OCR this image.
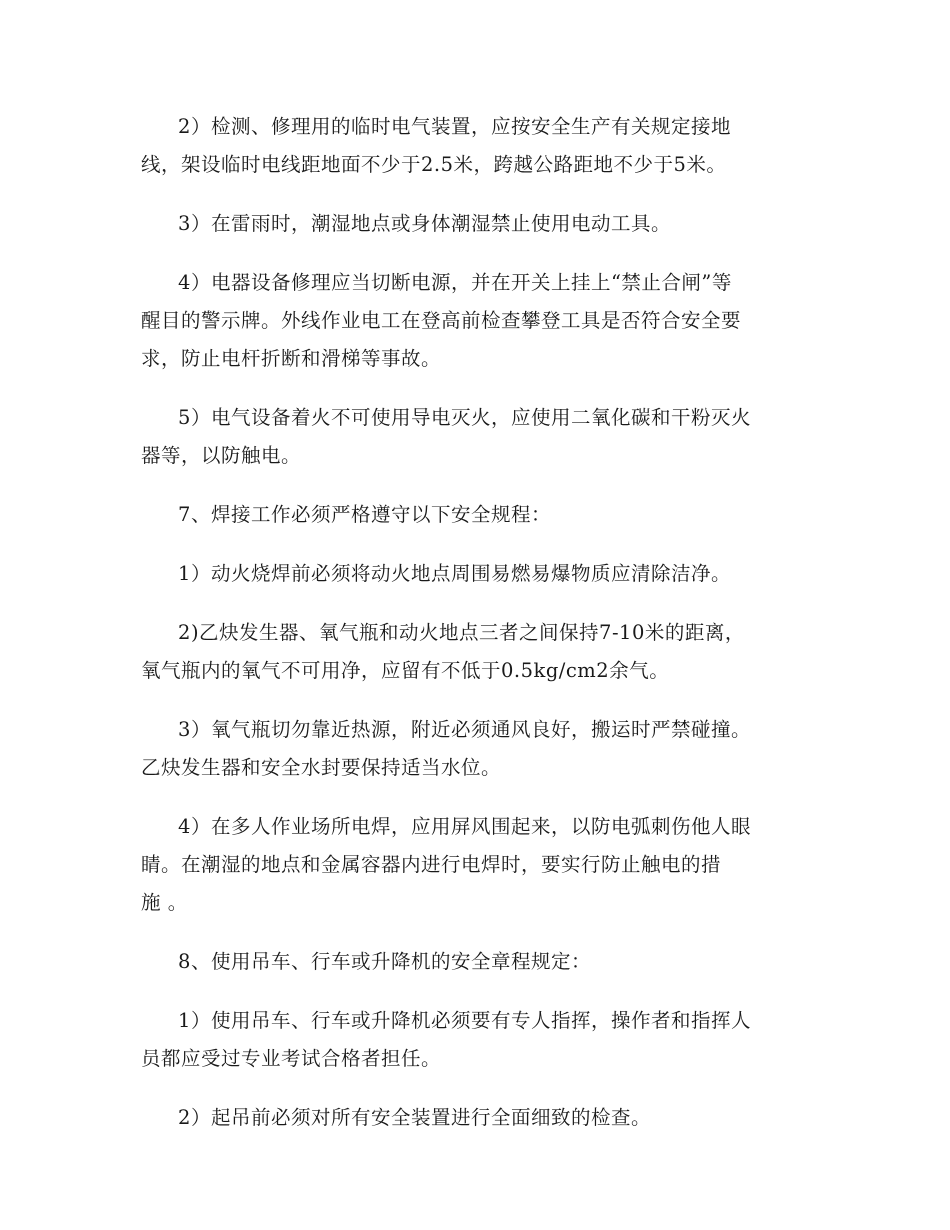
2）检测、修理用的临时电气装置，应按安全生产有关规定接地
线，架设临时电线距地面不少于2.5米，跨越公路距地不少于5米。

3）在雷雨时，潮湿地点或身体潮湿禁止使用电动工具。

4）电器设备修理应当切断电源，并在开关上挂上“禁止合闸”等
醒目的警示牌。外线作业电工在登高前检查攀登工具是否符合安全要
求，防止电杆折断和滑梯等事故。

5）电气设备着火不可使用导电灭火，应使用二氧化碳和干粉灭火
器等，以防触电。

7、焊接工作必须严格遵守以下安全规程：

1）动火烧焊前必须将动火地点周围易燃易爆物质应清除洁净。

2)乙炔发生器、氧气瓶和动火地点三者之间保持7-10米的距离，
氧气瓶内的氧气不可用净，应留有不低于0.5kg/cm2余气。

3）氧气瓶切勿靠近热源，附近必须通风良好，搬运时严禁碰撞。
乙炔发生器和安全水封要保持适当水位。

4）在多人作业场所电焊，应用屏风围起来，以防电弧刺伤他人眼
睛。在潮湿的地点和金属容器内进行电焊时，要实行防止触电的措
施 。

8、使用吊车、行车或升降机的安全章程规定：

1）使用吊车、行车或升降机必须要有专人指挥，操作者和指挥人
员都应受过专业考试合格者担任。

2）起吊前必须对所有安全装置进行全面细致的检查。
